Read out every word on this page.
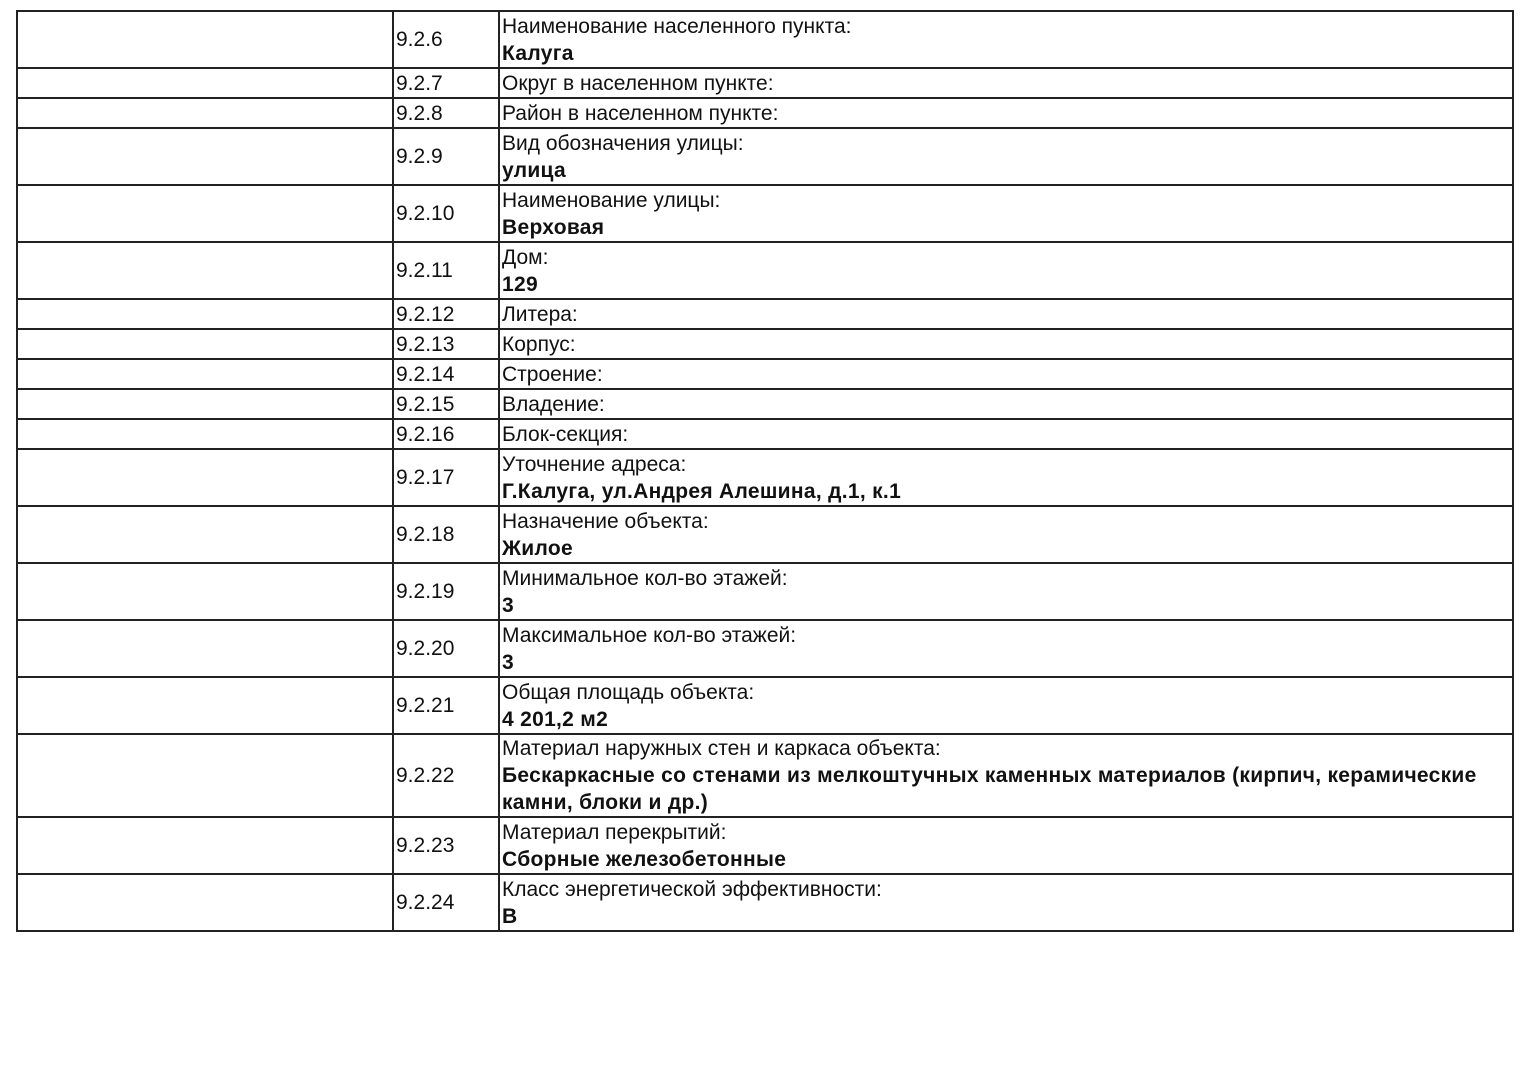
	9.2.6	Наименование населенного пункта:
Калуга

	9.2.7	Округ в населенном пункте:

	9.2.8	Район в населенном пункте:

	9.2.9	Вид обозначения улицы:
улица

	9.2.10	Наименование улицы:
Верховая

	9.2.11	Дом:
129

	9.2.12	Литера:

	9.2.13	Корпус:

	9.2.14	Строение:

	9.2.15	Владение:

	9.2.16	Блок-секция:

	9.2.17	Уточнение адреса:
Г.Калуга, ул.Андрея Алешина, д.1, к.1

	9.2.18	Назначение объекта:
Жилое

	9.2.19	Минимальное кол-во этажей:
3

	9.2.20	Максимальное кол-во этажей:
3

	9.2.21	Общая площадь объекта:
4 201,2 м2

	9.2.22	Материал наружных стен и каркаса объекта:
Бескаркасные со стенами из мелкоштучных каменных материалов (кирпич, керамические камни, блоки и др.)

	9.2.23	Материал перекрытий:
Сборные железобетонные

	9.2.24	Класс энергетической эффективности:
В
